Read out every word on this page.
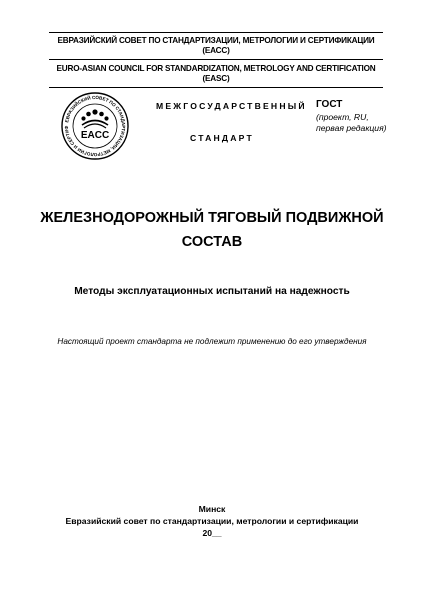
ЕВРАЗИЙСКИЙ СОВЕТ ПО СТАНДАРТИЗАЦИИ, МЕТРОЛОГИИ И СЕРТИФИКАЦИИ
(ЕАСС)
EURO-ASIAN COUNCIL FOR STANDARDIZATION, METROLOGY AND CERTIFICATION
(EASC)
ЕВРАЗИЙСКИЙ СОВЕТ ПО СТАНДАРТИЗАЦИИ, МЕТРОЛОГИИ И СЕРТИФ
EACC
МЕЖГОСУДАРСТВЕННЫЙ
СТАНДАРТ
ГОСТ
(проект, RU,
первая редакция)
ЖЕЛЕЗНОДОРОЖНЫЙ ТЯГОВЫЙ ПОДВИЖНОЙ
СОСТАВ
Методы эксплуатационных испытаний на надежность
Настоящий проект стандарта не подлежит применению до его утверждения
Минск
Евразийский совет по стандартизации, метрологии и сертификации
20__
